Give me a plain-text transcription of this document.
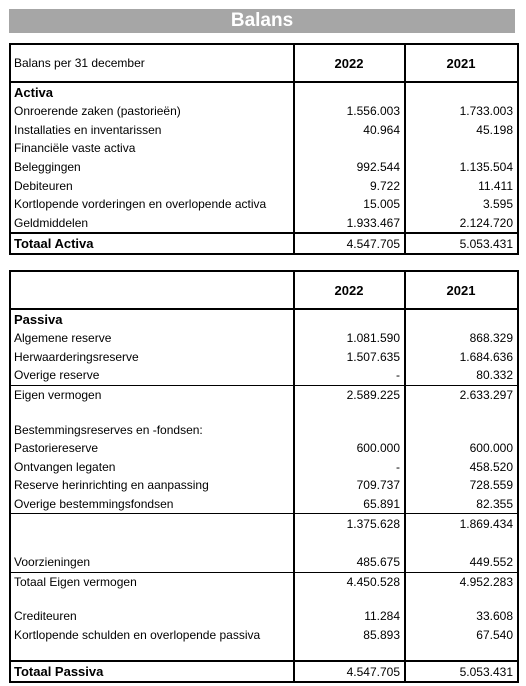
Balans
Balans per 31 december	2022	2021
Activa		
Onroerende zaken (pastorieën)	1.556.003	1.733.003
Installaties en inventarissen	40.964	45.198
Financiële vaste activa		
Beleggingen	992.544	1.135.504
Debiteuren	9.722	11.411
Kortlopende vorderingen en overlopende activa	15.005	3.595
Geldmiddelen	1.933.467	2.124.720
Totaal Activa	4.547.705	5.053.431
	2022	2021
Passiva		
Algemene reserve	1.081.590	868.329
Herwaarderingsreserve	1.507.635	1.684.636
Overige reserve	-	80.332
Eigen vermogen	2.589.225	2.633.297

Bestemmingsreserves en -fondsen:		
Pastoriereserve	600.000	600.000
Ontvangen legaten	-	458.520
Reserve herinrichting en aanpassing	709.737	728.559
Overige bestemmingsfondsen	65.891	82.355
	1.375.628	1.869.434

Voorzieningen	485.675	449.552
Totaal Eigen vermogen	4.450.528	4.952.283

Crediteuren	11.284	33.608
Kortlopende schulden en overlopende passiva	85.893	67.540

Totaal Passiva	4.547.705	5.053.431
